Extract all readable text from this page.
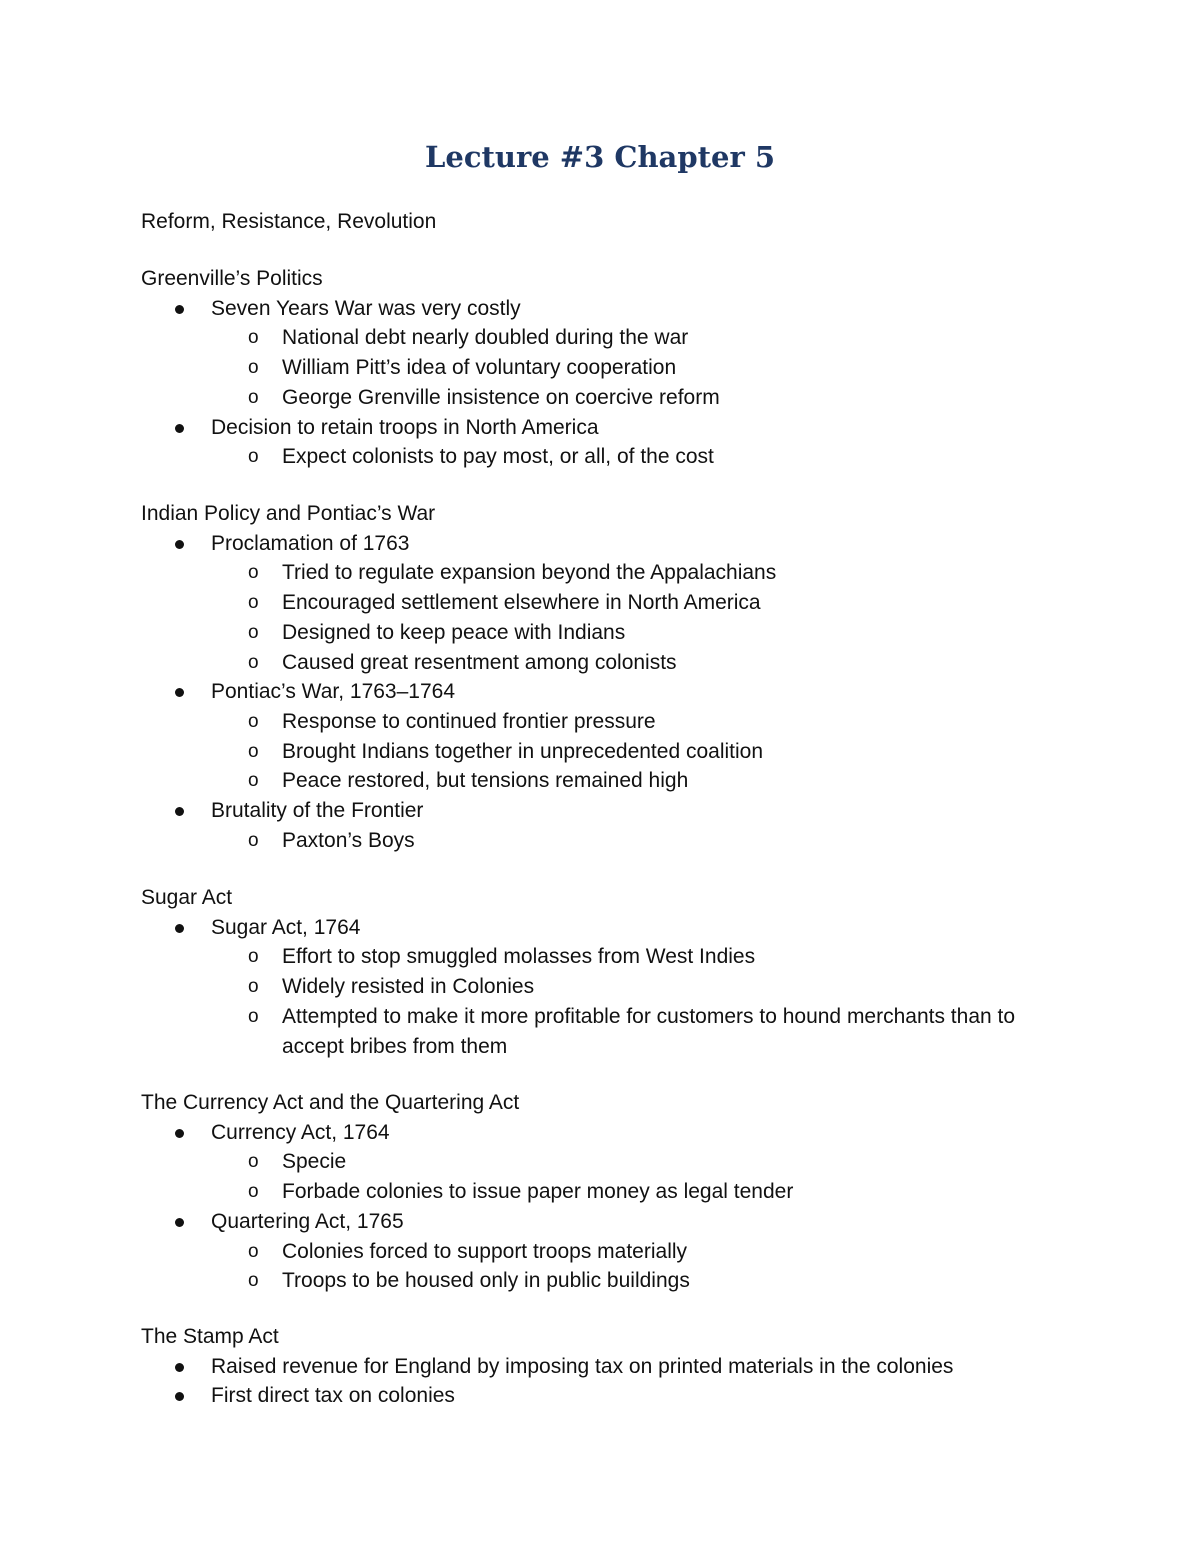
Lecture #3 Chapter 5
Reform, Resistance, Revolution
Greenville’s Politics
Seven Years War was very costly
o National debt nearly doubled during the war
o William Pitt’s idea of voluntary cooperation
o George Grenville insistence on coercive reform
Decision to retain troops in North America
o Expect colonists to pay most, or all, of the cost
Indian Policy and Pontiac’s War
Proclamation of 1763
o Tried to regulate expansion beyond the Appalachians
o Encouraged settlement elsewhere in North America
o Designed to keep peace with Indians
o Caused great resentment among colonists
Pontiac’s War, 1763–1764
o Response to continued frontier pressure
o Brought Indians together in unprecedented coalition
o Peace restored, but tensions remained high
Brutality of the Frontier
o Paxton’s Boys
Sugar Act
Sugar Act, 1764
o Effort to stop smuggled molasses from West Indies
o Widely resisted in Colonies
o Attempted to make it more profitable for customers to hound merchants than to
accept bribes from them
The Currency Act and the Quartering Act
Currency Act, 1764
o Specie
o Forbade colonies to issue paper money as legal tender
Quartering Act, 1765
o Colonies forced to support troops materially
o Troops to be housed only in public buildings
The Stamp Act
Raised revenue for England by imposing tax on printed materials in the colonies
First direct tax on colonies
